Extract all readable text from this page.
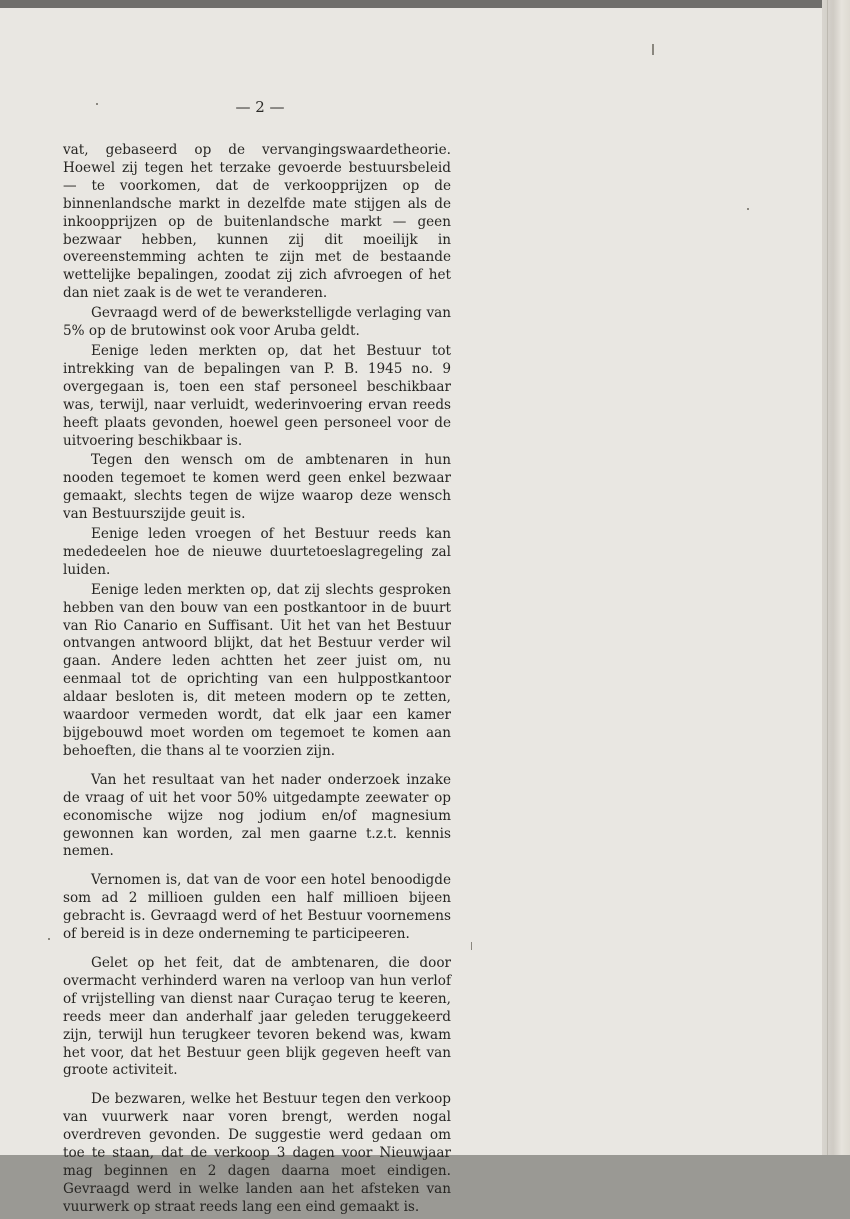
— 2 —

vat, gebaseerd op de vervangingswaardetheorie. Hoewel zij tegen het terzake gevoerde bestuursbeleid — te voorkomen, dat de verkoopprijzen op de binnenlandsche markt in dezelfde mate stijgen als de inkoopprijzen op de buitenlandsche markt — geen bezwaar hebben, kunnen zij dit moeilijk in overeenstemming achten te zijn met de bestaande wettelijke bepalingen, zoodat zij zich afvroegen of het dan niet zaak is de wet te veranderen.

Gevraagd werd of de bewerkstelligde verlaging van 5% op de brutowinst ook voor Aruba geldt.

Eenige leden merkten op, dat het Bestuur tot intrekking van de bepalingen van P. B. 1945 no. 9 overgegaan is, toen een staf personeel beschikbaar was, terwijl, naar verluidt, wederinvoering ervan reeds heeft plaats gevonden, hoewel geen personeel voor de uitvoering beschikbaar is.

Tegen den wensch om de ambtenaren in hun nooden tegemoet te komen werd geen enkel bezwaar gemaakt, slechts tegen de wijze waarop deze wensch van Bestuurszijde geuit is.

Eenige leden vroegen of het Bestuur reeds kan mededeelen hoe de nieuwe duurtetoeslagregeling zal luiden.

Eenige leden merkten op, dat zij slechts gesproken hebben van den bouw van een postkantoor in de buurt van Rio Canario en Suffisant. Uit het van het Bestuur ontvangen antwoord blijkt, dat het Bestuur verder wil gaan. Andere leden achtten het zeer juist om, nu eenmaal tot de oprichting van een hulppostkantoor aldaar besloten is, dit meteen modern op te zetten, waardoor vermeden wordt, dat elk jaar een kamer bijgebouwd moet worden om tegemoet te komen aan behoeften, die thans al te voorzien zijn.

Van het resultaat van het nader onderzoek inzake de vraag of uit het voor 50% uitgedampte zeewater op economische wijze nog jodium en/of magnesium gewonnen kan worden, zal men gaarne t.z.t. kennis nemen.

Vernomen is, dat van de voor een hotel benoodigde som ad 2 millioen gulden een half millioen bijeen gebracht is. Gevraagd werd of het Bestuur voornemens of bereid is in deze onderneming te participeeren.

Gelet op het feit, dat de ambtenaren, die door overmacht verhinderd waren na verloop van hun verlof of vrijstelling van dienst naar Curaçao terug te keeren, reeds meer dan anderhalf jaar geleden teruggekeerd zijn, terwijl hun terugkeer tevoren bekend was, kwam het voor, dat het Bestuur geen blijk gegeven heeft van groote activiteit.

De bezwaren, welke het Bestuur tegen den verkoop van vuurwerk naar voren brengt, werden nogal overdreven gevonden. De suggestie werd gedaan om toe te staan, dat de verkoop 3 dagen voor Nieuwjaar mag beginnen en 2 dagen daarna moet eindigen. Gevraagd werd in welke landen aan het afsteken van vuurwerk op straat reeds lang een eind gemaakt is.
